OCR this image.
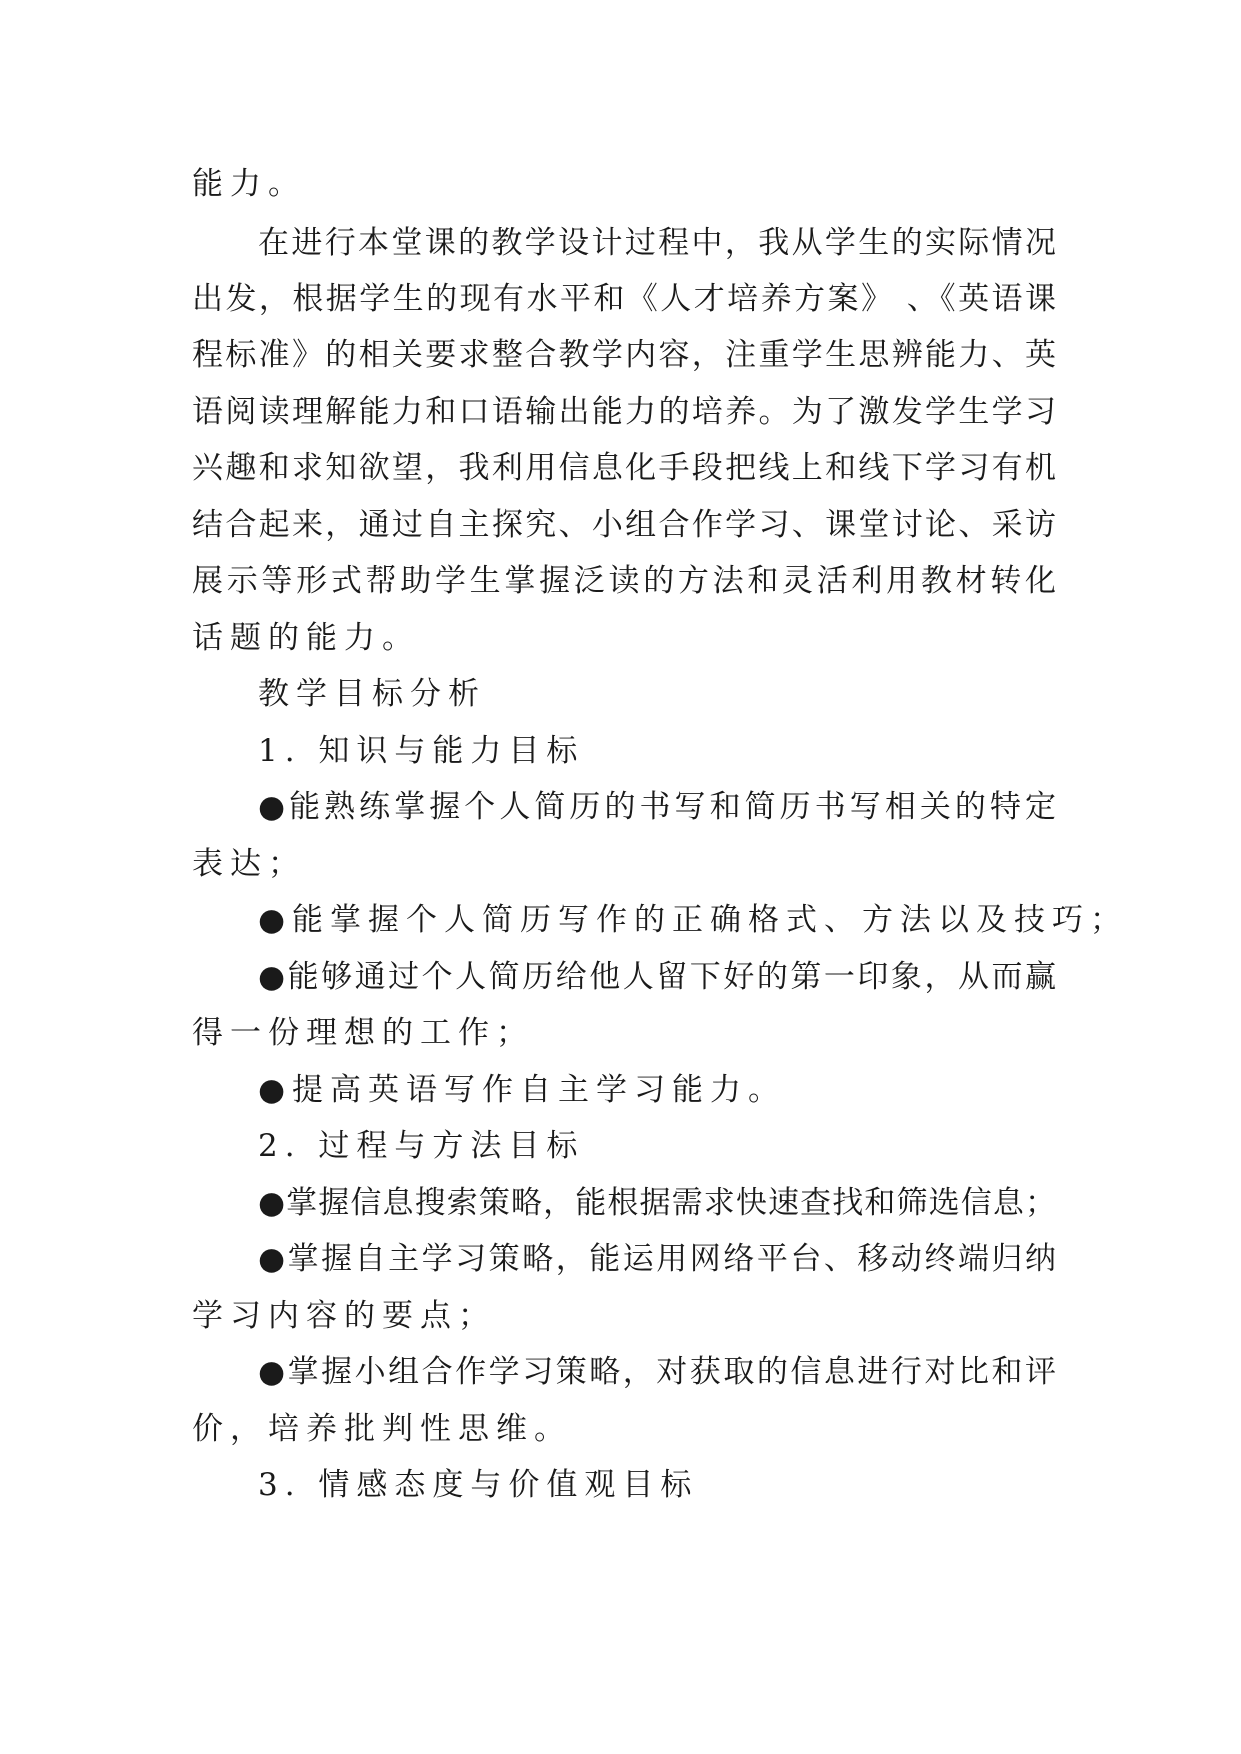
能力。

在进行本堂课的教学设计过程中，我从学生的实际情况

出发，根据学生的现有水平和《人才培养方案》 、《英语课

程标准》的相关要求整合教学内容，注重学生思辨能力、英

语阅读理解能力和口语输出能力的培养。为了激发学生学习

兴趣和求知欲望，我利用信息化手段把线上和线下学习有机

结合起来，通过自主探究、小组合作学习、课堂讨论、采访

展示等形式帮助学生掌握泛读的方法和灵活利用教材转化

话题的能力。

教学目标分析

1. 知识与能力目标

●能熟练掌握个人简历的书写和简历书写相关的特定

表达；

●能掌握个人简历写作的正确格式、方法以及技巧；

●能够通过个人简历给他人留下好的第一印象，从而赢

得一份理想的工作；

●提高英语写作自主学习能力。

2. 过程与方法目标

●掌握信息搜索策略，能根据需求快速查找和筛选信息；

●掌握自主学习策略，能运用网络平台、移动终端归纳

学习内容的要点；

●掌握小组合作学习策略，对获取的信息进行对比和评

价，培养批判性思维。

3. 情感态度与价值观目标
